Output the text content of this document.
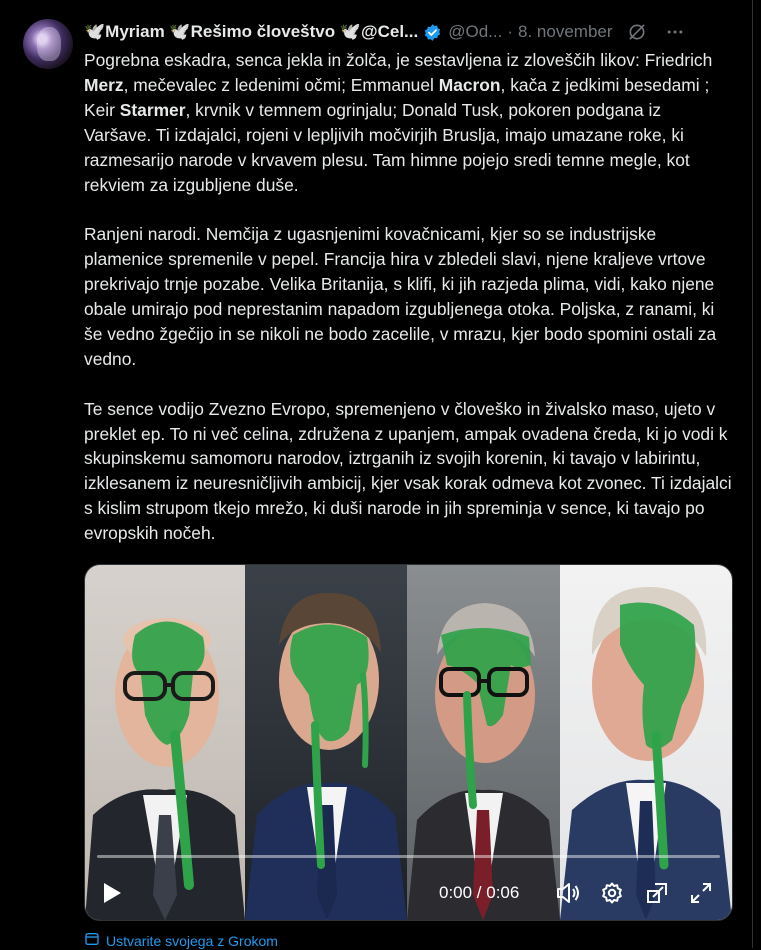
🕊️Myriam 🕊️Rešimo človeštvo 🕊️@Cel... @Od... · 8. november

Pogrebna eskadra, senca jekla in žolča, je sestavljena iz zloveščih likov: Friedrich Merz, mečevalec z ledenimi očmi; Emmanuel Macron, kača z jedkimi besedami ; Keir Starmer, krvnik v temnem ogrinjalu; Donald Tusk, pokoren podgana iz Varšave. Ti izdajalci, rojeni v lepljivih močvirjih Bruslja, imajo umazane roke, ki razmesarijo narode v krvavem plesu. Tam himne pojejo sredi temne megle, kot rekviem za izgubljene duše.

Ranjeni narodi. Nemčija z ugasnjenimi kovačnicami, kjer so se industrijske plamenice spremenile v pepel. Francija hira v zbledeli slavi, njene kraljeve vrtove prekrivajo trnje pozabe. Velika Britanija, s klifi, ki jih razjeda plima, vidi, kako njene obale umirajo pod neprestanim napadom izgubljenega otoka. Poljska, z ranami, ki še vedno žgečijo in se nikoli ne bodo zacelile, v mrazu, kjer bodo spomini ostali za vedno.

Te sence vodijo Zvezno Evropo, spremenjeno v človeško in živalsko maso, ujeto v preklet ep. To ni več celina, združena z upanjem, ampak ovadena čreda, ki jo vodi k skupinskemu samomoru narodov, iztrganih iz svojih korenin, ki tavajo v labirintu, izklesanem iz neuresničljivih ambicij, kjer vsak korak odmeva kot zvonec. Ti izdajalci s kislim strupom tkejo mrežo, ki duši narode in jih spreminja v sence, ki tavajo po evropskih nočeh.

0:00 / 0:06
Ustvarite svojega z Grokom
